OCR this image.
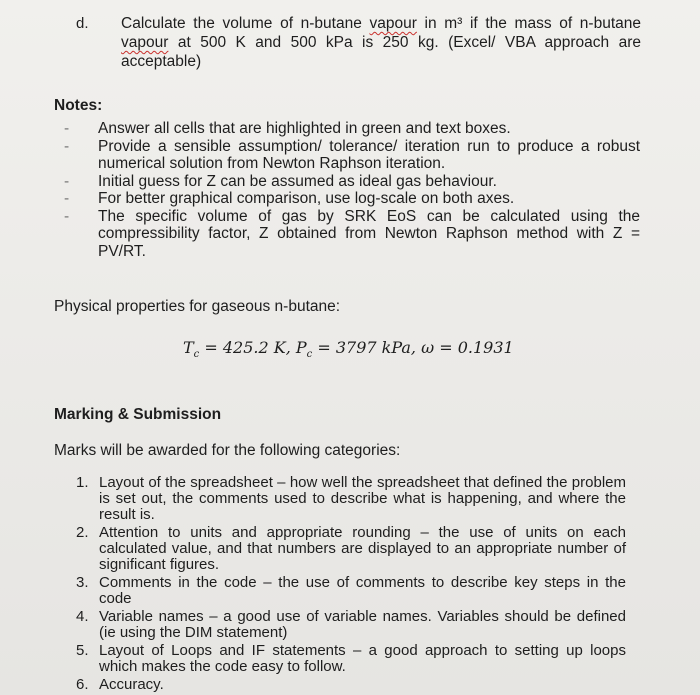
d. Calculate the volume of n-butane vapour in m³ if the mass of n-butane vapour at 500 K and 500 kPa is 250 kg. (Excel/ VBA approach are acceptable)
Notes:
- Answer all cells that are highlighted in green and text boxes.
- Provide a sensible assumption/ tolerance/ iteration run to produce a robust numerical solution from Newton Raphson iteration.
- Initial guess for Z can be assumed as ideal gas behaviour.
- For better graphical comparison, use log-scale on both axes.
- The specific volume of gas by SRK EoS can be calculated using the compressibility factor, Z obtained from Newton Raphson method with Z = PV/RT.
Physical properties for gaseous n-butane:
$T_c = 425.2$ K, $P_c = 3797$ kPa, ω = 0.1931
Marking & Submission
Marks will be awarded for the following categories:
1. Layout of the spreadsheet – how well the spreadsheet that defined the problem is set out, the comments used to describe what is happening, and where the result is.
2. Attention to units and appropriate rounding – the use of units on each calculated value, and that numbers are displayed to an appropriate number of significant figures.
3. Comments in the code – the use of comments to describe key steps in the code
4. Variable names – a good use of variable names. Variables should be defined (ie using the DIM statement)
5. Layout of Loops and IF statements – a good approach to setting up loops which makes the code easy to follow.
6. Accuracy.
